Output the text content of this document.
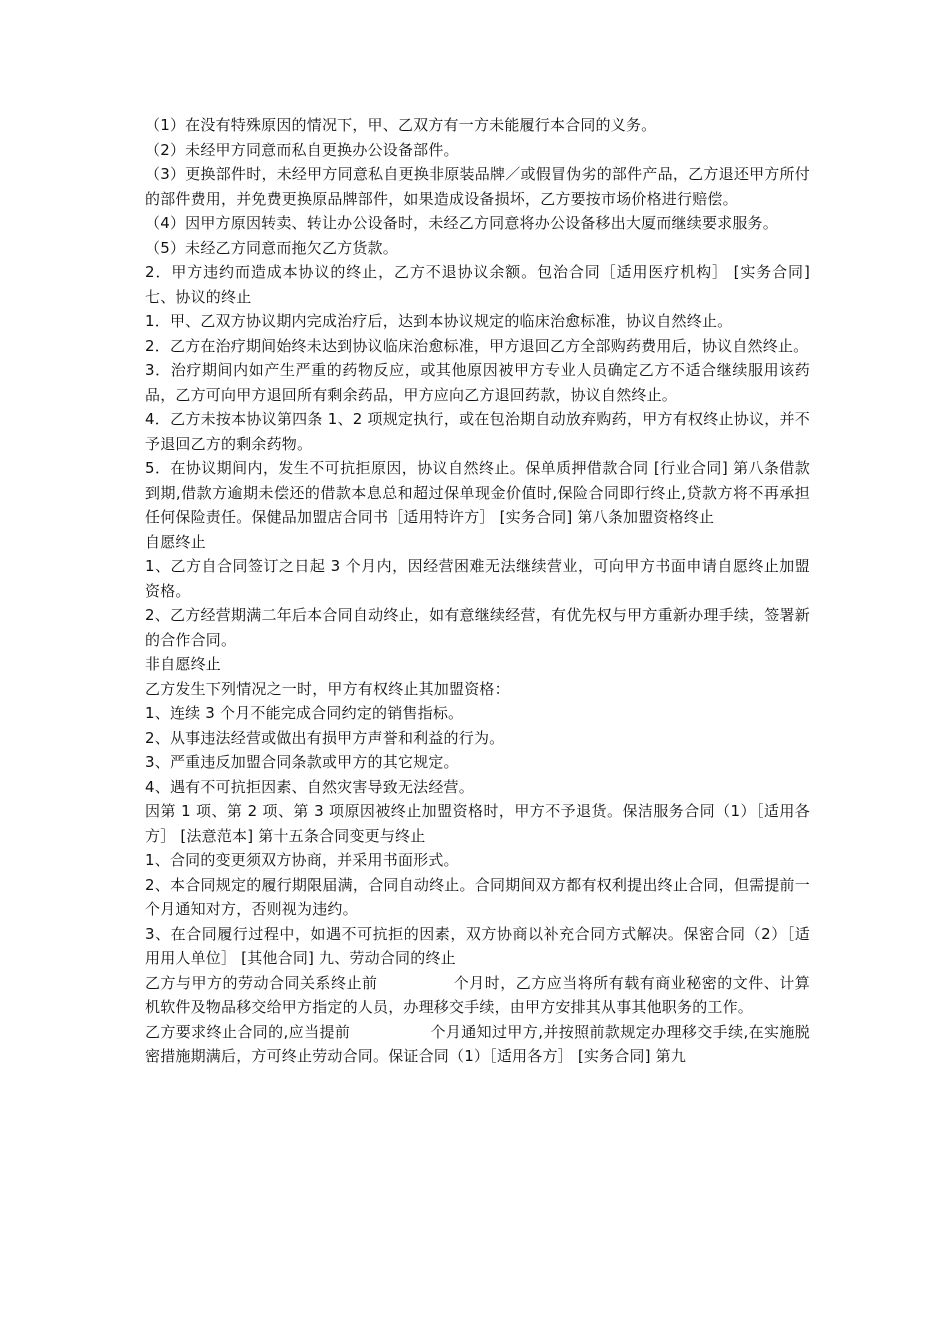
（1）在没有特殊原因的情况下，甲、乙双方有一方未能履行本合同的义务。

（2）未经甲方同意而私自更换办公设备部件。

（3）更换部件时，未经甲方同意私自更换非原装品牌／或假冒伪劣的部件产品，乙方退还甲方所付的部件费用，并免费更换原品牌部件，如果造成设备损坏，乙方要按市场价格进行赔偿。

（4）因甲方原因转卖、转让办公设备时，未经乙方同意将办公设备移出大厦而继续要求服务。

（5）未经乙方同意而拖欠乙方货款。

2．甲方违约而造成本协议的终止，乙方不退协议余额。包治合同［适用医疗机构］ [实务合同] 七、协议的终止

1．甲、乙双方协议期内完成治疗后，达到本协议规定的临床治愈标准，协议自然终止。

2．乙方在治疗期间始终未达到协议临床治愈标准，甲方退回乙方全部购药费用后，协议自然终止。

3．治疗期间内如产生严重的药物反应，或其他原因被甲方专业人员确定乙方不适合继续服用该药品，乙方可向甲方退回所有剩余药品，甲方应向乙方退回药款，协议自然终止。

4．乙方未按本协议第四条 1、2 项规定执行，或在包治期自动放弃购药，甲方有权终止协议，并不予退回乙方的剩余药物。

5．在协议期间内，发生不可抗拒原因，协议自然终止。保单质押借款合同 [行业合同] 第八条借款到期,借款方逾期未偿还的借款本息总和超过保单现金价值时,保险合同即行终止,贷款方将不再承担任何保险责任。保健品加盟店合同书［适用特许方］ [实务合同] 第八条加盟资格终止

自愿终止

1、乙方自合同签订之日起 3 个月内，因经营困难无法继续营业，可向甲方书面申请自愿终止加盟资格。

2、乙方经营期满二年后本合同自动终止，如有意继续经营，有优先权与甲方重新办理手续，签署新的合作合同。

非自愿终止

乙方发生下列情况之一时，甲方有权终止其加盟资格：

1、连续 3 个月不能完成合同约定的销售指标。

2、从事违法经营或做出有损甲方声誉和利益的行为。

3、严重违反加盟合同条款或甲方的其它规定。

4、遇有不可抗拒因素、自然灾害导致无法经营。

因第 1 项、第 2 项、第 3 项原因被终止加盟资格时，甲方不予退货。保洁服务合同（1）［适用各方］ [法意范本] 第十五条合同变更与终止

1、合同的变更须双方协商，并采用书面形式。

2、本合同规定的履行期限届满，合同自动终止。合同期间双方都有权利提出终止合同，但需提前一个月通知对方，否则视为违约。

3、在合同履行过程中，如遇不可抗拒的因素，双方协商以补充合同方式解决。保密合同（2）［适用用人单位］ [其他合同] 九、劳动合同的终止

乙方与甲方的劳动合同关系终止前	个月时，乙方应当将所有载有商业秘密的文件、计算机软件及物品移交给甲方指定的人员，办理移交手续，由甲方安排其从事其他职务的工作。

乙方要求终止合同的,应当提前	个月通知过甲方,并按照前款规定办理移交手续,在实施脱密措施期满后，方可终止劳动合同。保证合同（1）［适用各方］ [实务合同] 第九
